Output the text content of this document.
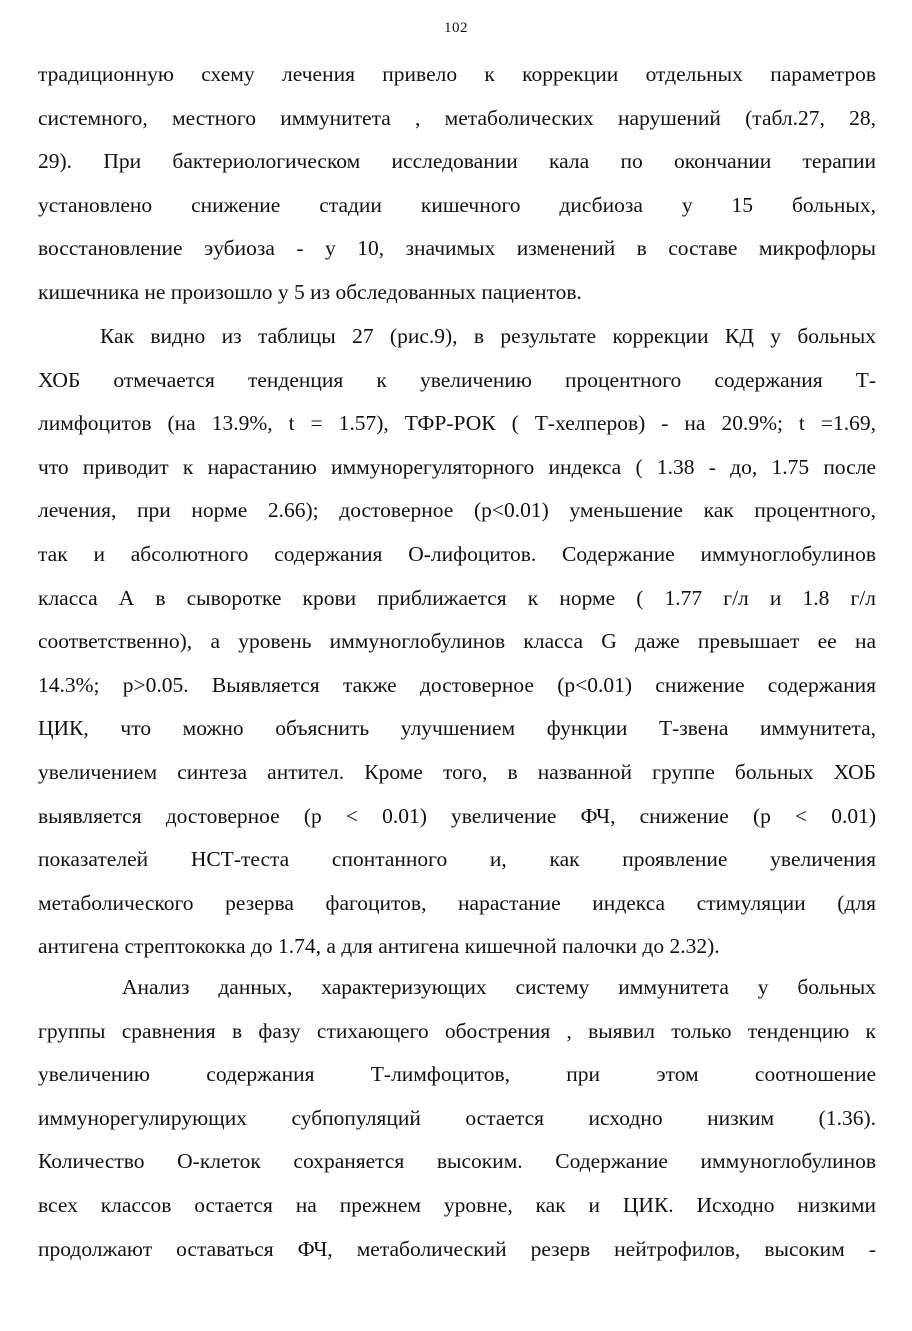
102
традиционную схему лечения привело к коррекции отдельных параметров
системного, местного иммунитета , метаболических нарушений (табл.27, 28,
29). При бактериологическом исследовании кала по окончании терапии
установлено снижение стадии кишечного дисбиоза у 15 больных,
восстановление эубиоза - у 10, значимых изменений в составе микрофлоры
кишечника не произошло у 5 из обследованных пациентов.
Как видно из таблицы 27 (рис.9), в результате коррекции КД у больных
ХОБ отмечается тенденция к увеличению процентного содержания Т-
лимфоцитов (на 13.9%, t = 1.57), ТФР-РОК ( Т-хелперов) - на 20.9%; t =1.69,
что приводит к нарастанию иммунорегуляторного индекса ( 1.38 - до, 1.75 после
лечения, при норме 2.66); достоверное (р<0.01) уменьшение как процентного,
так и абсолютного содержания О-лифоцитов. Содержание иммуноглобулинов
класса А в сыворотке крови приближается к норме ( 1.77 г/л и 1.8 г/л
соответственно), а уровень иммуноглобулинов класса G даже превышает ее на
14.3%; р>0.05. Выявляется также достоверное (р<0.01) снижение содержания
ЦИК, что можно объяснить улучшением функции Т-звена иммунитета,
увеличением синтеза антител. Кроме того, в названной группе больных ХОБ
выявляется достоверное (р < 0.01) увеличение ФЧ, снижение (р < 0.01)
показателей НСТ-теста спонтанного и, как проявление увеличения
метаболического резерва фагоцитов, нарастание индекса стимуляции (для
антигена стрептококка до 1.74, а для антигена кишечной палочки до 2.32).
Анализ данных, характеризующих систему иммунитета у больных
группы сравнения в фазу стихающего обострения , выявил только тенденцию к
увеличению содержания Т-лимфоцитов, при этом соотношение
иммунорегулирующих субпопуляций остается исходно низким (1.36).
Количество О-клеток сохраняется высоким. Содержание иммуноглобулинов
всех классов остается на прежнем уровне, как и ЦИК. Исходно низкими
продолжают оставаться ФЧ, метаболический резерв нейтрофилов, высоким -
